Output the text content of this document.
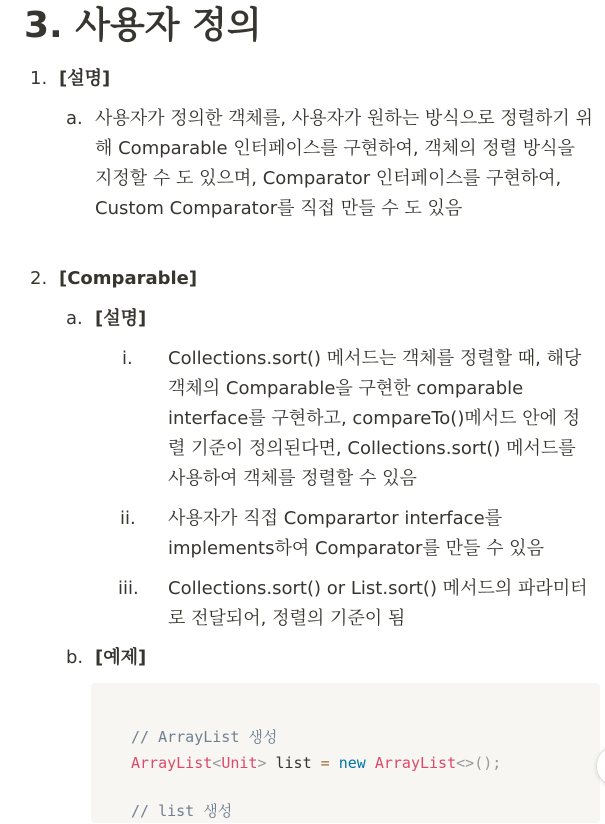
3. 사용자 정의
1. [설명]
a. 사용자가 정의한 객체를, 사용자가 원하는 방식으로 정렬하기 위해 Comparable 인터페이스를 구현하여, 객체의 정렬 방식을 지정할 수 도 있으며, Comparator 인터페이스를 구현하여, Custom Comparator를 직접 만들 수 도 있음
2. [Comparable]
a. [설명]
i. Collections.sort() 메서드는 객체를 정렬할 때, 해당 객체의 Comparable을 구현한 comparable interface를 구현하고, compareTo()메서드 안에 정렬 기준이 정의된다면, Collections.sort() 메서드를 사용하여 객체를 정렬할 수 있음
ii. 사용자가 직접 Comparartor interface를 implements하여 Comparator를 만들 수 있음
iii. Collections.sort() or List.sort() 메서드의 파라미터로 전달되어, 정렬의 기준이 됨
b. [예제]
// ArrayList 생성
ArrayList<Unit> list = new ArrayList<>();
// list 생성
